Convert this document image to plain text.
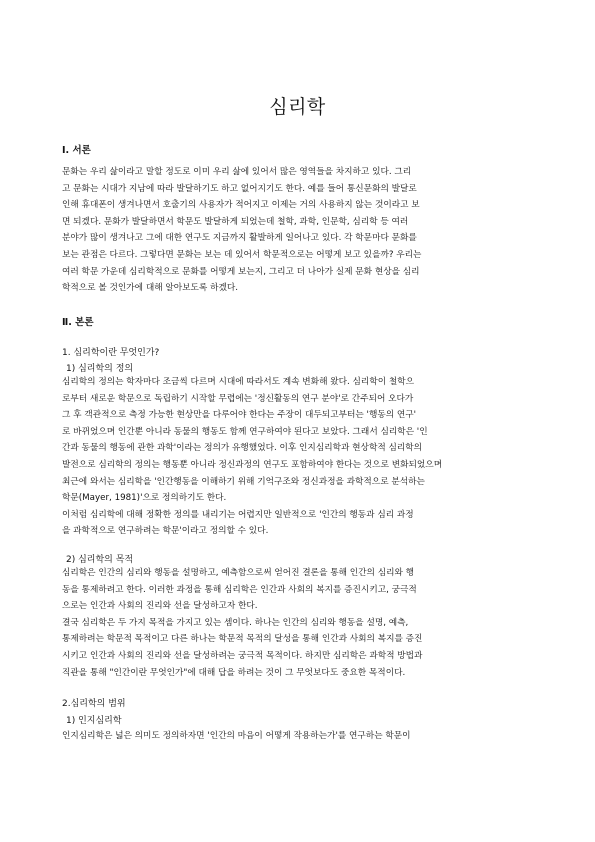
심리학
Ⅰ. 서론
문화는 우리 삶이라고 말할 정도로 이미 우리 삶에 있어서 많은 영역들을 차지하고 있다. 그리
고 문화는 시대가 지남에 따라 발달하기도 하고 없어지기도 한다. 예를 들어 통신문화의 발달로
인해 휴대폰이 생겨나면서 호출기의 사용자가 적어지고 이제는 거의 사용하지 않는 것이라고 보
면 되겠다. 문화가 발달하면서 학문도 발달하게 되었는데 철학, 과학, 인문학, 심리학 등 여러
분야가 많이 생겨나고 그에 대한 연구도 지금까지 활발하게 일어나고 있다. 각 학문마다 문화를
보는 관점은 다르다. 그렇다면 문화는 보는 데 있어서 학문적으로는 어떻게 보고 있을까? 우리는
여러 학문 가운데 심리학적으로 문화를 어떻게 보는지, 그리고 더 나아가 실제 문화 현상을 심리
학적으로 볼 것인가에 대해 알아보도록 하겠다.
Ⅱ. 본론
1. 심리학이란 무엇인가?
1) 심리학의 정의
심리학의 정의는 학자마다 조금씩 다르며 시대에 따라서도 계속 변화해 왔다. 심리학이 철학으
로부터 새로운 학문으로 독립하기 시작할 무렵에는 '정신활동의 연구 분야'로 간주되어 오다가
그 후 객관적으로 측정 가능한 현상만을 다루어야 한다는 주장이 대두되고부터는 '행동의 연구'
로 바뀌었으며 인간뿐 아니라 동물의 행동도 함께 연구하여야 된다고 보았다. 그래서 심리학은 '인
간과 동물의 행동에 관한 과학'이라는 정의가 유행했었다. 이후 인지심리학과 현상학적 심리학의
발전으로 심리학의 정의는 행동뿐 아니라 정신과정의 연구도 포함하여야 한다는 것으로 변화되었으며
최근에 와서는 심리학을 '인간행동을 이해하기 위해 기억구조와 정신과정을 과학적으로 분석하는
학문(Mayer, 1981)'으로 정의하기도 한다.
이처럼 심리학에 대해 정확한 정의를 내리기는 어렵지만 일반적으로 '인간의 행동과 심리 과정
을 과학적으로 연구하려는 학문'이라고 정의할 수 있다.
2) 심리학의 목적
심리학은 인간의 심리와 행동을 설명하고, 예측함으로써 얻어진 결론을 통해 인간의 심리와 행
동을 통제하려고 한다. 이러한 과정을 통해 심리학은 인간과 사회의 복지를 증진시키고, 궁극적
으로는 인간과 사회의 진리와 선을 달성하고자 한다.
결국 심리학은 두 가지 목적을 가지고 있는 셈이다. 하나는 인간의 심리와 행동을 설명, 예측,
통제하려는 학문적 목적이고 다른 하나는 학문적 목적의 달성을 통해 인간과 사회의 복지를 증진
시키고 인간과 사회의 진리와 선을 달성하려는 궁극적 목적이다. 하지만 심리학은 과학적 방법과
직관을 통해 "인간이란 무엇인가"에 대해 답을 하려는 것이 그 무엇보다도 중요한 목적이다.
2.심리학의 범위
1) 인지심리학
인지심리학은 넓은 의미도 정의하자면 '인간의 마음이 어떻게 작용하는가'를 연구하는 학문이
